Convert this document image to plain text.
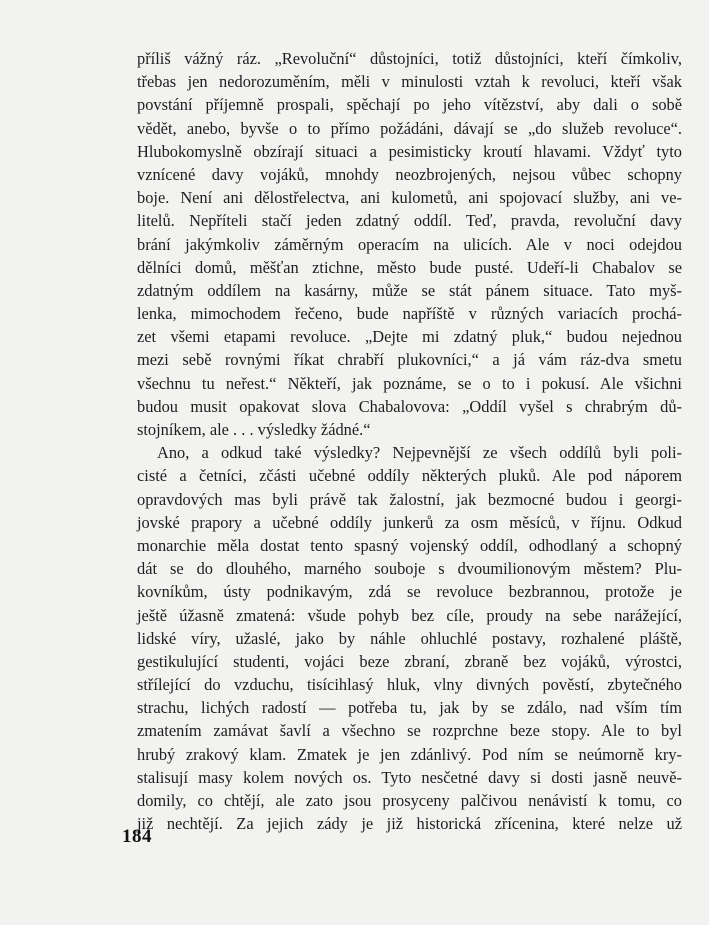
příliš vážný ráz. „Revoluční“ důstojníci, totiž důstojníci, kteří čímkoliv,
třebas jen nedorozuměním, měli v minulosti vztah k revoluci, kteří však
povstání příjemně prospali, spěchají po jeho vítězství, aby dali o sobě
vědět, anebo, byvše o to přímo požádáni, dávají se „do služeb revoluce“.
Hlubokomyslně obzírají situaci a pesimisticky kroutí hlavami. Vždyť tyto
vznícené davy vojáků, mnohdy neozbrojených, nejsou vůbec schopny
boje. Není ani dělostřelectva, ani kulometů, ani spojovací služby, ani ve-
litelů. Nepříteli stačí jeden zdatný oddíl. Teď, pravda, revoluční davy
brání jakýmkoliv záměrným operacím na ulicích. Ale v noci odejdou
dělníci domů, měšťan ztichne, město bude pusté. Udeří-li Chabalov se
zdatným oddílem na kasárny, může se stát pánem situace. Tato myš-
lenka, mimochodem řečeno, bude napříště v různých variacích prochá-
zet všemi etapami revoluce. „Dejte mi zdatný pluk,“ budou nejednou
mezi sebě rovnými říkat chrabří plukovníci,“ a já vám ráz-dva smetu
všechnu tu neřest.“ Někteří, jak poznáme, se o to i pokusí. Ale všichni
budou musit opakovat slova Chabalovova: „Oddíl vyšel s chrabrým dů-
stojníkem, ale . . . výsledky žádné.“
Ano, a odkud také výsledky? Nejpevnější ze všech oddílů byli poli-
cisté a četníci, zčásti učebné oddíly některých pluků. Ale pod náporem
opravdových mas byli právě tak žalostní, jak bezmocné budou i georgi-
jovské prapory a učebné oddíly junkerů za osm měsíců, v říjnu. Odkud
monarchie měla dostat tento spasný vojenský oddíl, odhodlaný a schopný
dát se do dlouhého, marného souboje s dvoumilionovým městem? Plu-
kovníkům, ústy podnikavým, zdá se revoluce bezbrannou, protože je
ještě úžasně zmatená: všude pohyb bez cíle, proudy na sebe narážející,
lidské víry, užaslé, jako by náhle ohluchlé postavy, rozhalené pláště,
gestikulující studenti, vojáci beze zbraní, zbraně bez vojáků, výrostci,
střílející do vzduchu, tisícihlasý hluk, vlny divných pověstí, zbytečného
strachu, lichých radostí — potřeba tu, jak by se zdálo, nad vším tím
zmatením zamávat šavlí a všechno se rozprchne beze stopy. Ale to byl
hrubý zrakový klam. Zmatek je jen zdánlivý. Pod ním se neúmorně kry-
stalisují masy kolem nových os. Tyto nesčetné davy si dosti jasně neuvě-
domily, co chtějí, ale zato jsou prosyceny palčivou nenávistí k tomu, co
již nechtějí. Za jejich zády je již historická zřícenina, které nelze už
184
